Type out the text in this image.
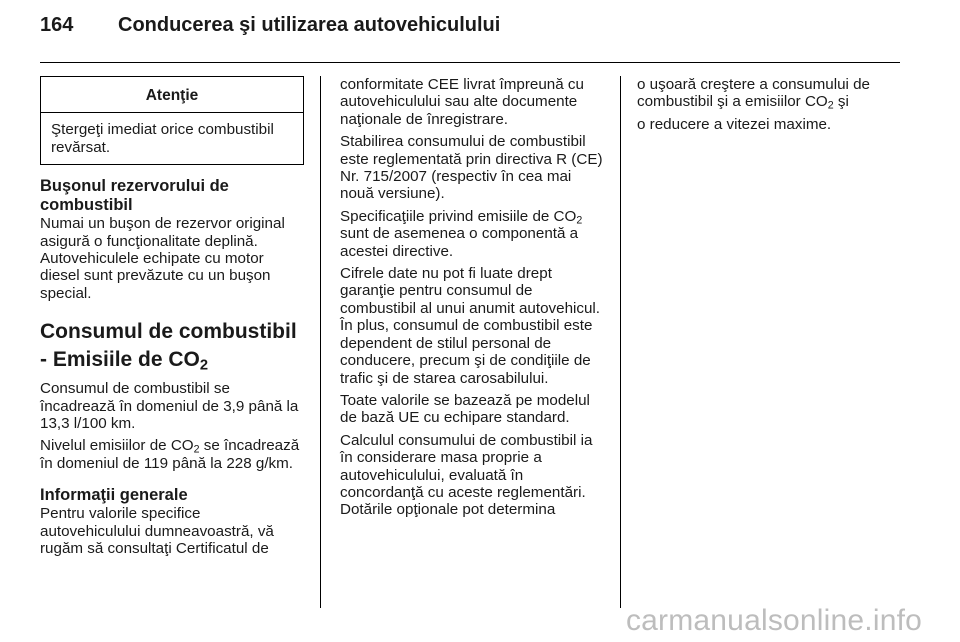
164 Conducerea şi utilizarea autovehiculului
Atenţie
Ştergeţi imediat orice combustibil revărsat.
Buşonul rezervorului de combustibil

Numai un buşon de rezervor original asigură o funcţionalitate deplină. Autovehiculele echipate cu motor diesel sunt prevăzute cu un buşon special.

Consumul de combustibil - Emisiile de $CO_2$

Consumul de combustibil se încadrează în domeniul de 3,9 până la 13,3 l/100 km.

Nivelul emisiilor de $CO_2$ se încadrează în domeniul de 119 până la 228 g/km.

Informaţii generale

Pentru valorile specifice autovehiculului dumneavoastră, vă rugăm să consultaţi Certificatul de

conformitate CEE livrat împreună cu autovehiculului sau alte documente naţionale de înregistrare.

Stabilirea consumului de combustibil este reglementată prin directiva R (CE) Nr. 715/2007 (respectiv în cea mai nouă versiune).

Specificaţiile privind emisiile de $CO_2$ sunt de asemenea o componentă a acestei directive.

Cifrele date nu pot fi luate drept garanţie pentru consumul de combustibil al unui anumit autovehicul. În plus, consumul de combustibil este dependent de stilul personal de conducere, precum şi de condiţiile de trafic şi de starea carosabilului.

Toate valorile se bazează pe modelul de bază UE cu echipare standard.

Calculul consumului de combustibil ia în considerare masa proprie a autovehiculului, evaluată în concordanţă cu aceste reglementări. Dotările opţionale pot determina

o uşoară creştere a consumului de combustibil şi a emisiilor $CO_2$ şi

o reducere a vitezei maxime.

carmanualsonline.info
